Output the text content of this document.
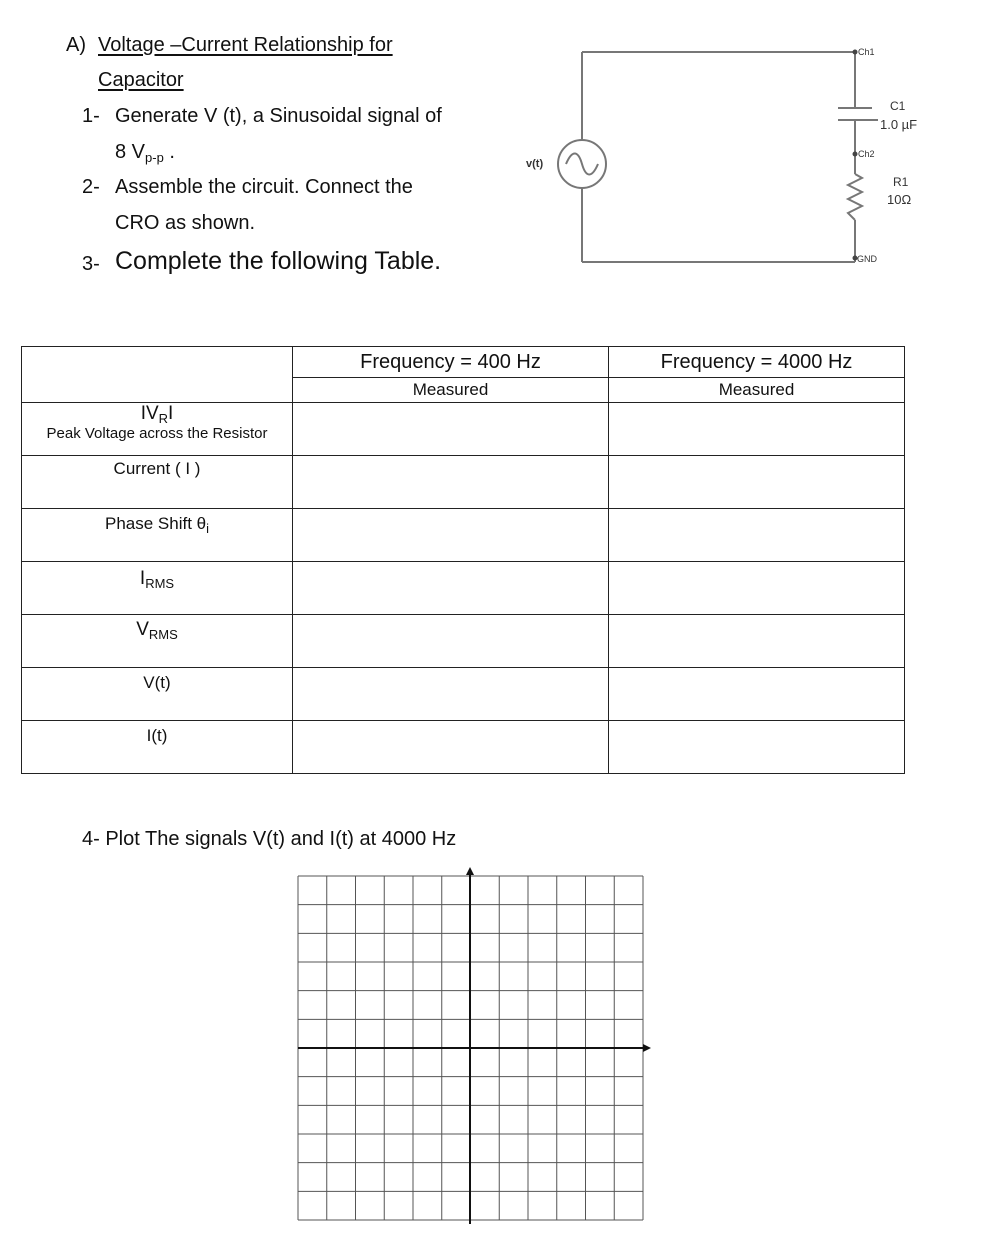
A) Voltage –Current Relationship for
Capacitor
1- Generate V (t), a Sinusoidal signal of
8 $V_{p-p}$ .
2- Assemble the circuit. Connect the
CRO as shown.
3- Complete the following Table.
Ch1
Ch2
GND
v(t)
C1
1.0 µF
R1
10Ω
	Frequency = 400 Hz	Frequency = 4000 Hz
	Measured	Measured

$IV_RI$
Peak Voltage across the Resistor		

Current ( I )		

Phase Shift $\theta_i$

$I_{RMS}$

$V_{RMS}$

V(t)		

I(t)		

4- Plot The signals V(t) and I(t) at 4000 Hz
